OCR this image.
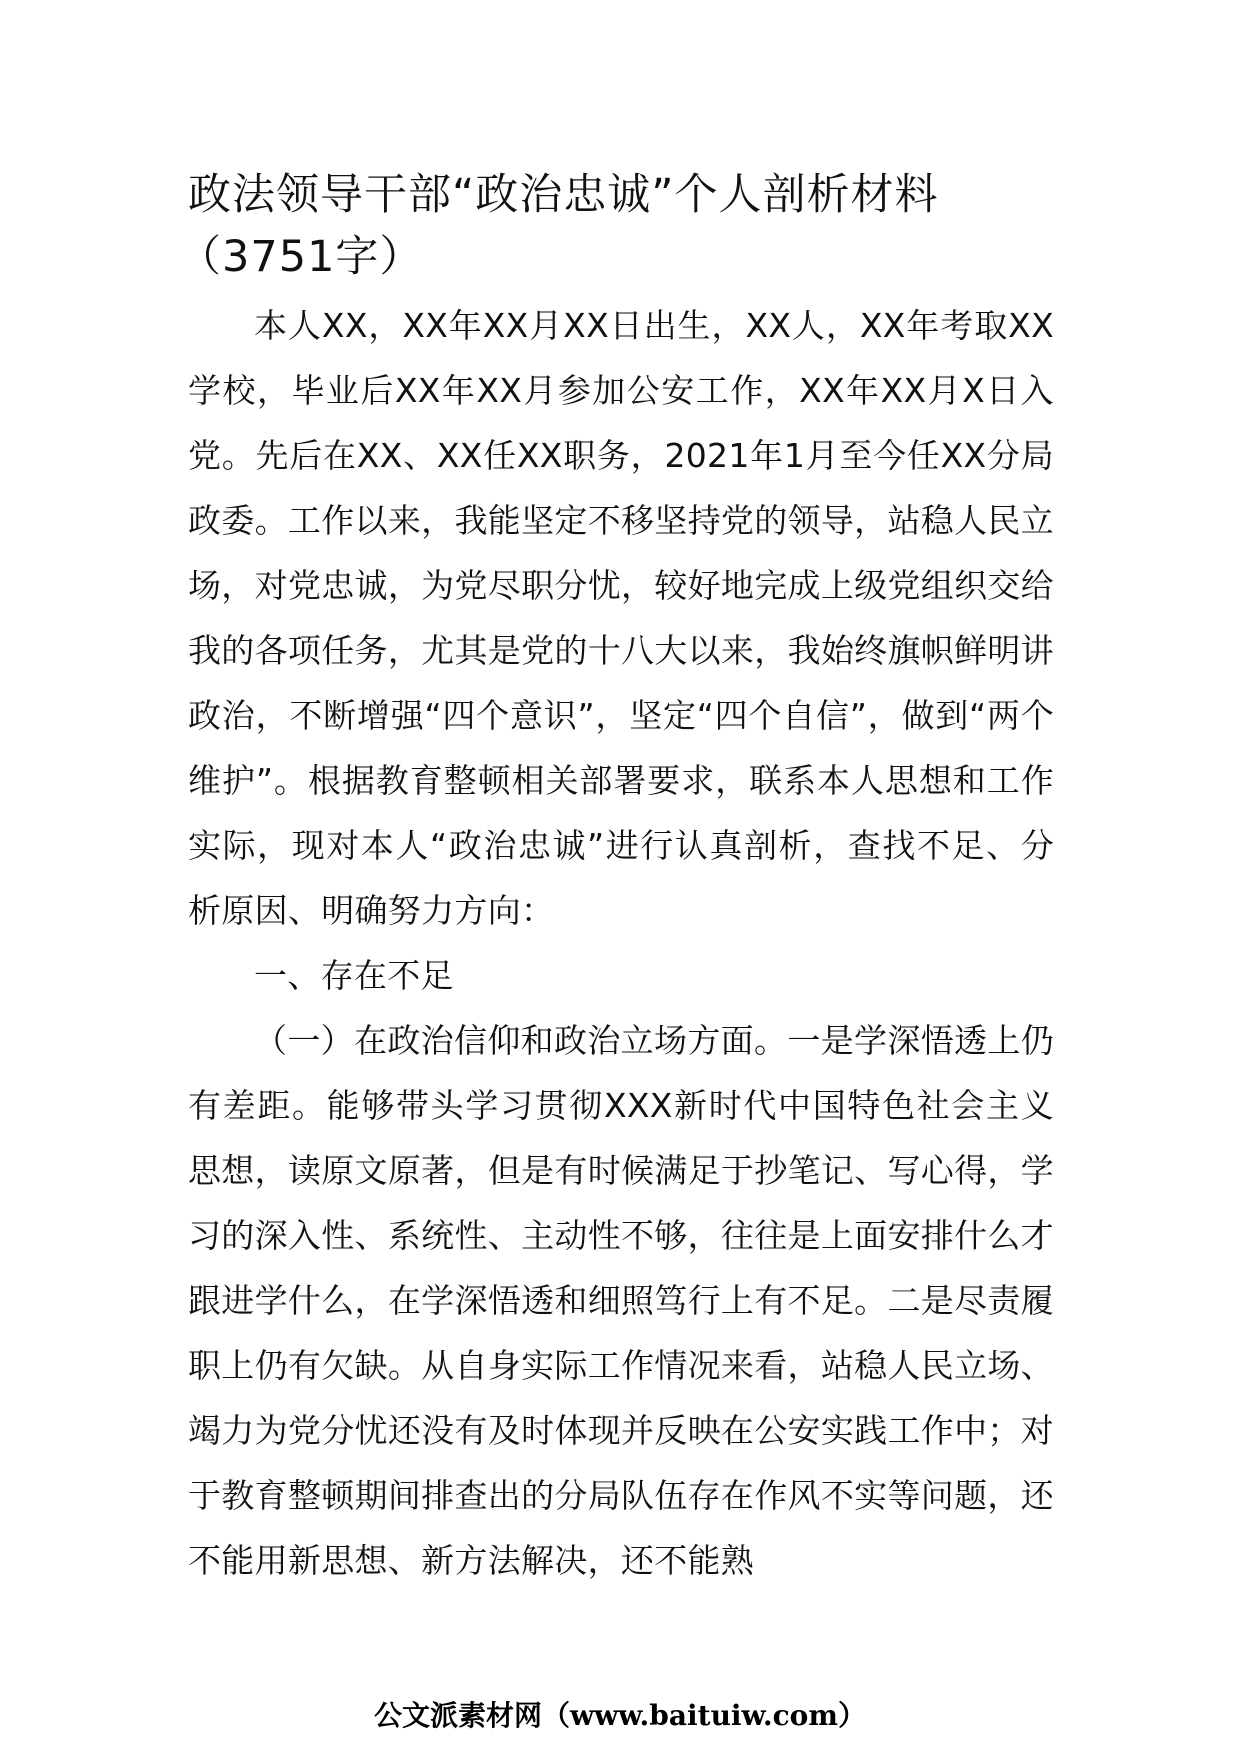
政法领导干部“政治忠诚”个人剖析材料
（3751字）

本人XX，XX年XX月XX日出生，XX人，XX年考取XX学校，毕业后XX年XX月参加公安工作，XX年XX月X日入党。先后在XX、XX任XX职务，2021年1月至今任XX分局政委。工作以来，我能坚定不移坚持党的领导，站稳人民立场，对党忠诚，为党尽职分忧，较好地完成上级党组织交给我的各项任务，尤其是党的十八大以来，我始终旗帜鲜明讲政治，不断增强“四个意识”，坚定“四个自信”，做到“两个维护”。根据教育整顿相关部署要求，联系本人思想和工作实际，现对本人“政治忠诚”进行认真剖析，查找不足、分析原因、明确努力方向：

一、存在不足

（一）在政治信仰和政治立场方面。一是学深悟透上仍有差距。能够带头学习贯彻XXX新时代中国特色社会主义思想，读原文原著，但是有时候满足于抄笔记、写心得，学习的深入性、系统性、主动性不够，往往是上面安排什么才跟进学什么，在学深悟透和细照笃行上有不足。二是尽责履职上仍有欠缺。从自身实际工作情况来看，站稳人民立场、竭力为党分忧还没有及时体现并反映在公安实践工作中；对于教育整顿期间排查出的分局队伍存在作风不实等问题，还不能用新思想、新方法解决，还不能熟

公文派素材网（www.baituiw.com）
